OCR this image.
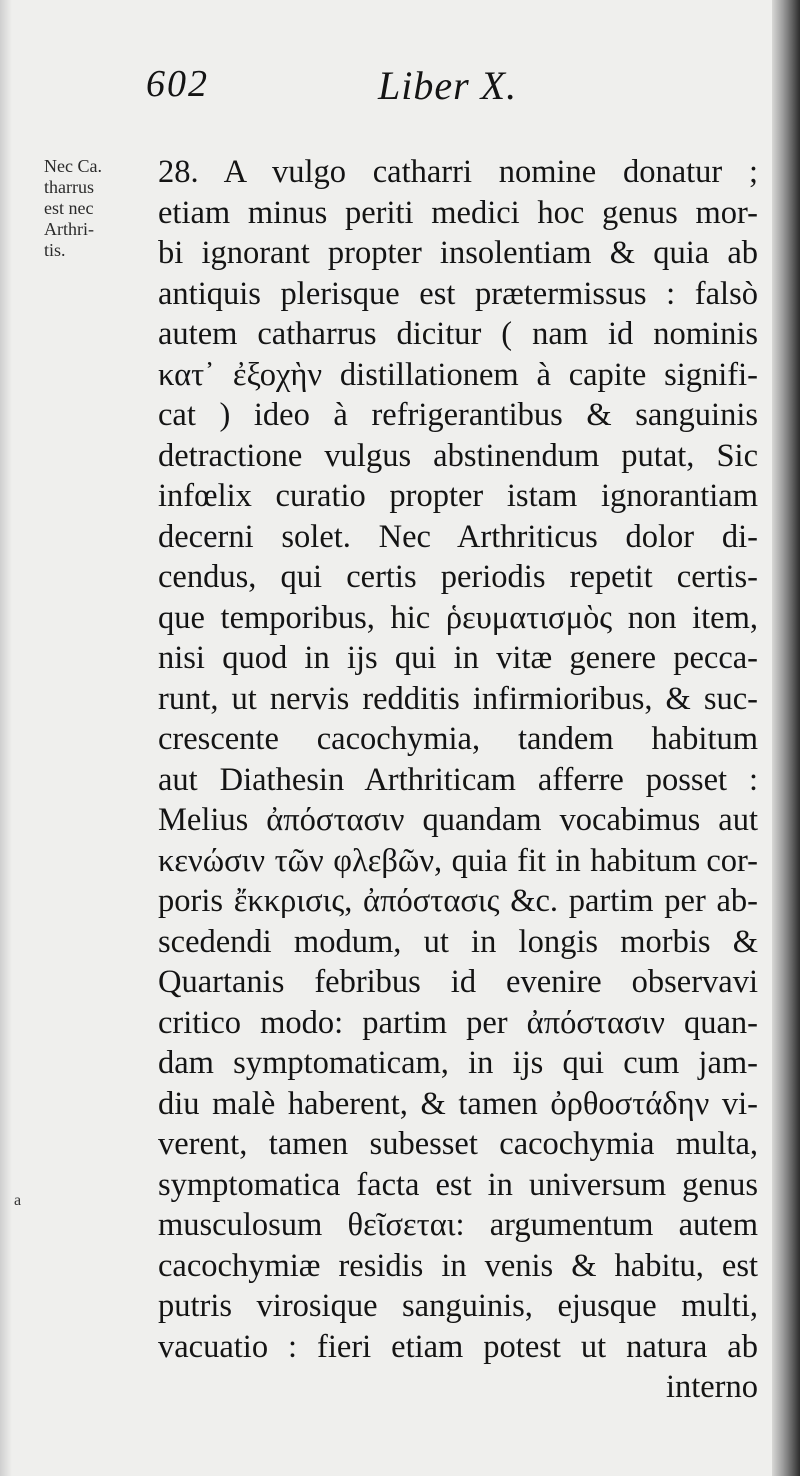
602	Liber X.
Nec Ca.
tharrus
est nec
Arthri-
tis.
a
28. A vulgo catharri nomine donatur ;
etiam minus periti medici hoc genus mor-
bi ignorant propter insolentiam & quia ab
antiquis plerisque est prætermissus : falsò
autem catharrus dicitur ( nam id nominis
κατ᾽ ἐξοχὴν distillationem à capite signifi-
cat ) ideo à refrigerantibus & sanguinis
detractione vulgus abstinendum putat, Sic
infœlix curatio propter istam ignorantiam
decerni solet. Nec Arthriticus dolor di-
cendus, qui certis periodis repetit certis-
que temporibus, hic ῥευματισμὸς non item,
nisi quod in ijs qui in vitæ genere pecca-
runt, ut nervis redditis infirmioribus, & suc-
crescente cacochymia, tandem habitum
aut Diathesin Arthriticam afferre posset :
Melius ἀπόστασιν quandam vocabimus aut
κενώσιν τῶν φλεβῶν, quia fit in habitum cor-
poris ἔκκρισις, ἀπόστασις &c. partim per ab-
scedendi modum, ut in longis morbis &
Quartanis febribus id evenire observavi
critico modo: partim per ἀπόστασιν quan-
dam symptomaticam, in ijs qui cum jam-
diu malè haberent, & tamen ὀρθοστάδην vi-
verent, tamen subesset cacochymia multa,
symptomatica facta est in universum genus
musculosum θεῖσεται: argumentum autem
cacochymiæ residis in venis & habitu, est
putris virosique sanguinis, ejusque multi,
vacuatio : fieri etiam potest ut natura ab
interno
